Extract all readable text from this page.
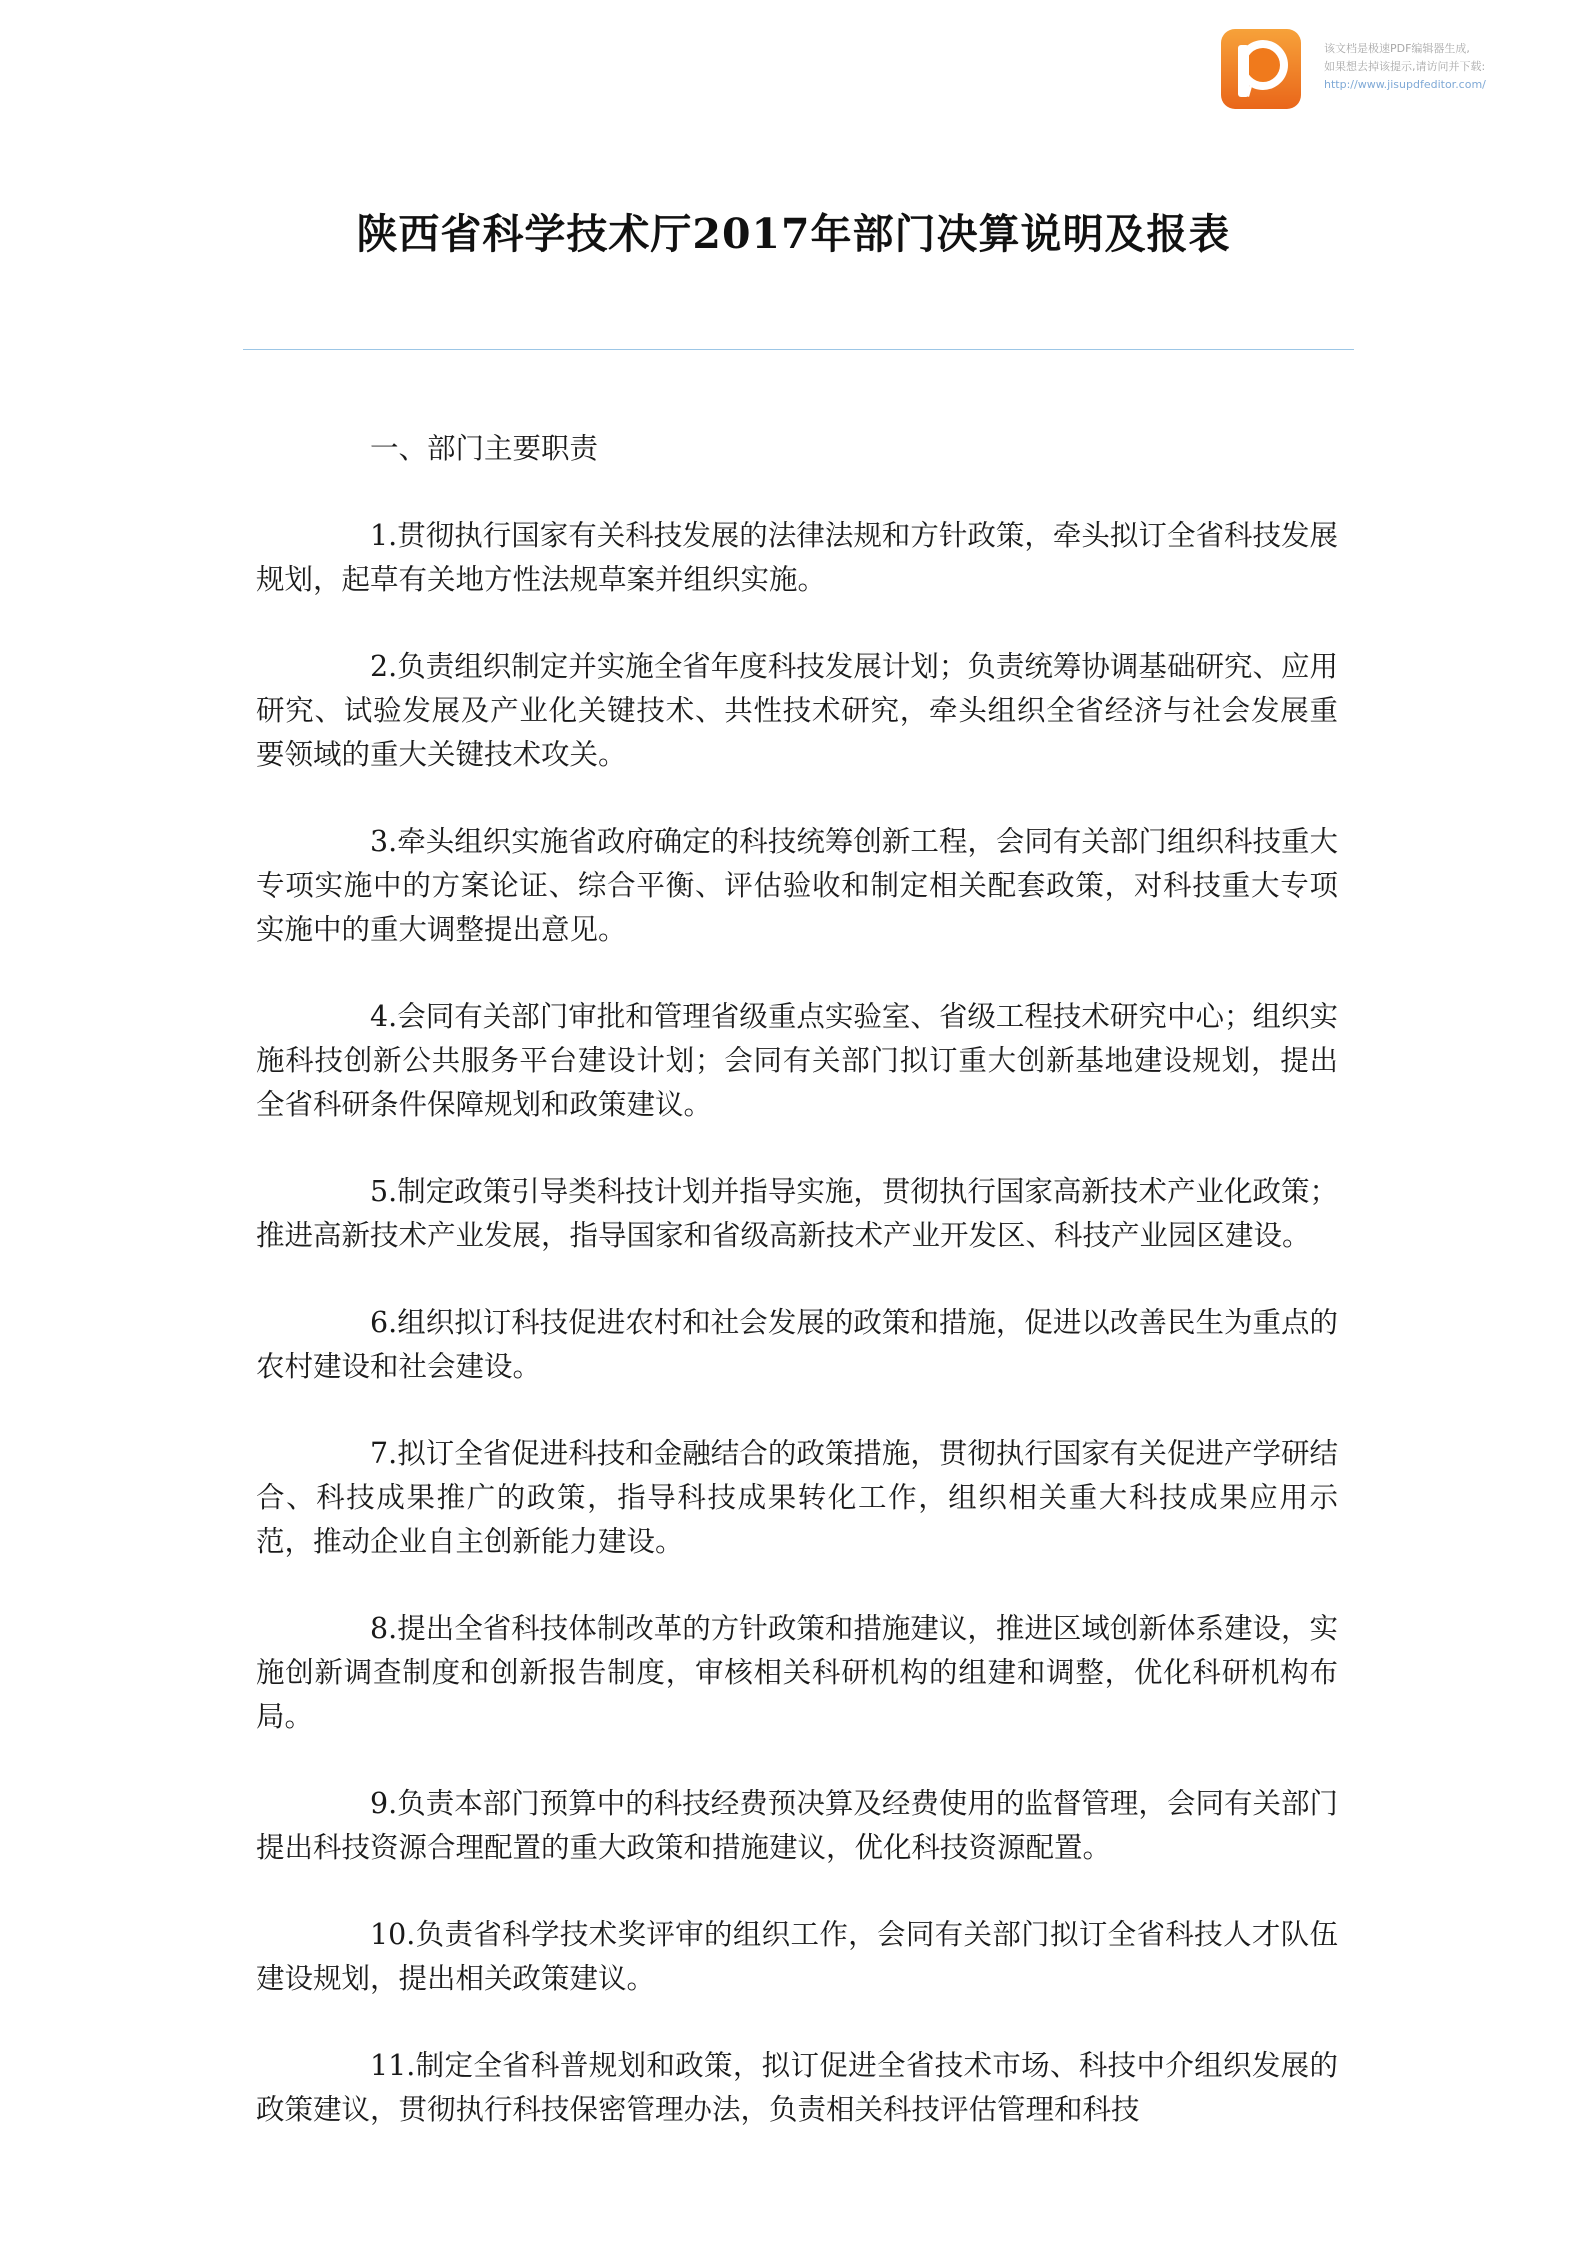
该文档是极速PDF编辑器生成,
如果想去掉该提示,请访问并下载:
http://www.jisupdfeditor.com/
陕西省科学技术厅2017年部门决算说明及报表

一、部门主要职责

1.贯彻执行国家有关科技发展的法律法规和方针政策，牵头拟订全省科技发展规划，起草有关地方性法规草案并组织实施。

2.负责组织制定并实施全省年度科技发展计划；负责统筹协调基础研究、应用研究、试验发展及产业化关键技术、共性技术研究，牵头组织全省经济与社会发展重要领域的重大关键技术攻关。

3.牵头组织实施省政府确定的科技统筹创新工程，会同有关部门组织科技重大专项实施中的方案论证、综合平衡、评估验收和制定相关配套政策，对科技重大专项实施中的重大调整提出意见。

4.会同有关部门审批和管理省级重点实验室、省级工程技术研究中心；组织实施科技创新公共服务平台建设计划；会同有关部门拟订重大创新基地建设规划，提出全省科研条件保障规划和政策建议。

5.制定政策引导类科技计划并指导实施，贯彻执行国家高新技术产业化政策；推进高新技术产业发展，指导国家和省级高新技术产业开发区、科技产业园区建设。

6.组织拟订科技促进农村和社会发展的政策和措施，促进以改善民生为重点的农村建设和社会建设。

7.拟订全省促进科技和金融结合的政策措施，贯彻执行国家有关促进产学研结合、科技成果推广的政策，指导科技成果转化工作，组织相关重大科技成果应用示范，推动企业自主创新能力建设。

8.提出全省科技体制改革的方针政策和措施建议，推进区域创新体系建设，实施创新调查制度和创新报告制度，审核相关科研机构的组建和调整，优化科研机构布局。

9.负责本部门预算中的科技经费预决算及经费使用的监督管理，会同有关部门提出科技资源合理配置的重大政策和措施建议，优化科技资源配置。

10.负责省科学技术奖评审的组织工作，会同有关部门拟订全省科技人才队伍建设规划，提出相关政策建议。

11.制定全省科普规划和政策，拟订促进全省技术市场、科技中介组织发展的政策建议，贯彻执行科技保密管理办法，负责相关科技评估管理和科技
